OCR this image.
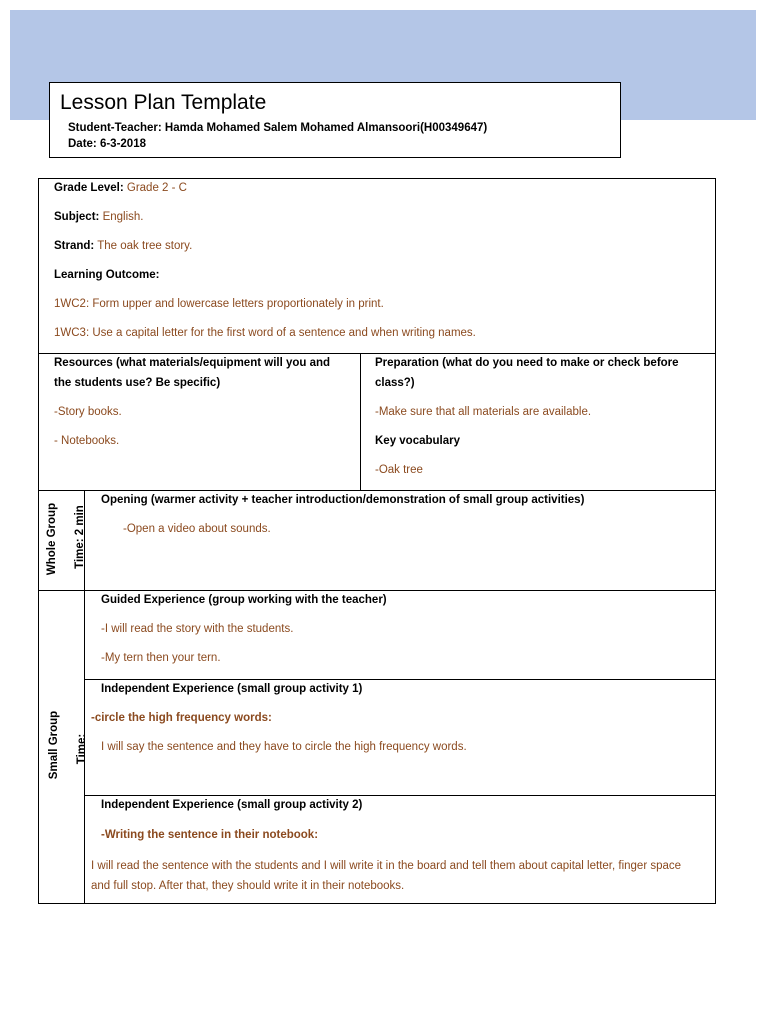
Lesson Plan Template
Student-Teacher: Hamda Mohamed Salem Mohamed Almansoori(H00349647)
Date: 6-3-2018
Grade Level: Grade 2 - C
Subject: English.
Strand: The oak tree story.
Learning Outcome:
1WC2: Form upper and lowercase letters proportionately in print.
1WC3: Use a capital letter for the first word of a sentence and when writing names.
Resources (what materials/equipment will you and
the students use? Be specific)
-Story books.
- Notebooks.
Preparation (what do you need to make or check before
class?)
-Make sure that all materials are available.
Key vocabulary
-Oak tree
Whole Group Time: 2 min
Opening (warmer activity + teacher introduction/demonstration of small group activities)
-Open a video about sounds.
Small Group Time:
Guided Experience (group working with the teacher)
-I will read the story with the students.
-My tern then your tern.
Independent Experience (small group activity 1)
-circle the high frequency words:
I will say the sentence and they have to circle the high frequency words.
Independent Experience (small group activity 2)
-Writing the sentence in their notebook:
I will read the sentence with the students and I will write it in the board and tell them about capital letter, finger space and full stop. After that, they should write it in their notebooks.
